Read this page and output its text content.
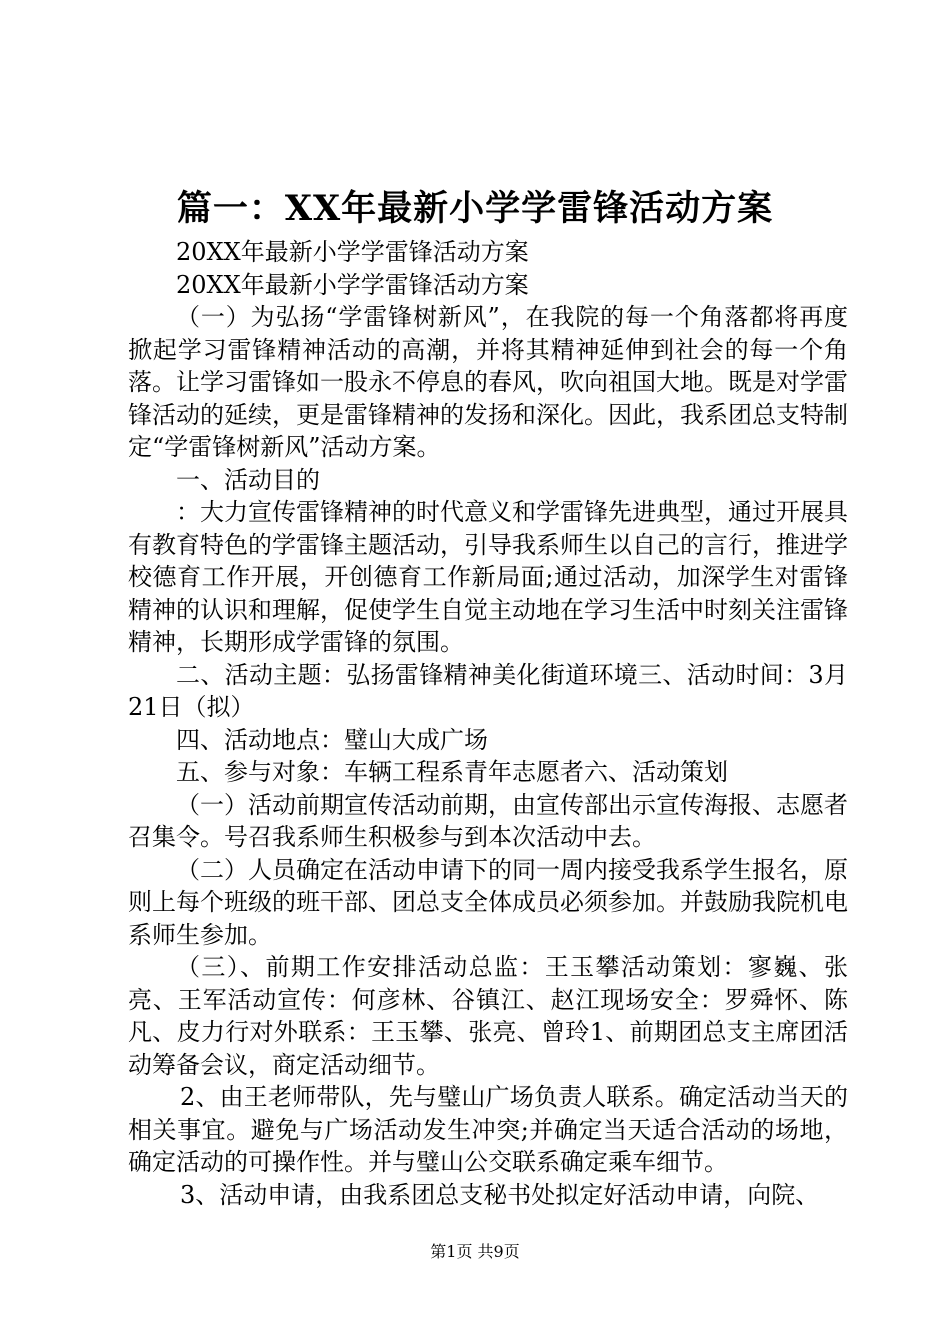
篇一：XX年最新小学学雷锋活动方案

20XX年最新小学学雷锋活动方案

20XX年最新小学学雷锋活动方案

（一）为弘扬“学雷锋树新风”，在我院的每一个角落都将再度掀起学习雷锋精神活动的高潮，并将其精神延伸到社会的每一个角落。让学习雷锋如一股永不停息的春风，吹向祖国大地。既是对学雷锋活动的延续，更是雷锋精神的发扬和深化。因此，我系团总支特制定“学雷锋树新风”活动方案。

一、活动目的

：大力宣传雷锋精神的时代意义和学雷锋先进典型，通过开展具有教育特色的学雷锋主题活动，引导我系师生以自己的言行，推进学校德育工作开展，开创德育工作新局面;通过活动，加深学生对雷锋精神的认识和理解，促使学生自觉主动地在学习生活中时刻关注雷锋精神，长期形成学雷锋的氛围。

二、活动主题：弘扬雷锋精神美化街道环境三、活动时间：3月21日（拟）

四、活动地点：璧山大成广场

五、参与对象：车辆工程系青年志愿者六、活动策划

（一）活动前期宣传活动前期，由宣传部出示宣传海报、志愿者召集令。号召我系师生积极参与到本次活动中去。

（二）人员确定在活动申请下的同一周内接受我系学生报名，原则上每个班级的班干部、团总支全体成员必须参加。并鼓励我院机电系师生参加。

（三）、前期工作安排活动总监：王玉攀活动策划：寥巍、张亮、王军活动宣传：何彦林、谷镇江、赵江现场安全：罗舜怀、陈凡、皮力行对外联系：王玉攀、张亮、曾玲1、前期团总支主席团活动筹备会议，商定活动细节。

2、由王老师带队，先与璧山广场负责人联系。确定活动当天的相关事宜。避免与广场活动发生冲突;并确定当天适合活动的场地，确定活动的可操作性。并与璧山公交联系确定乘车细节。

3、活动申请，由我系团总支秘书处拟定好活动申请，向院、

第1页 共9页
